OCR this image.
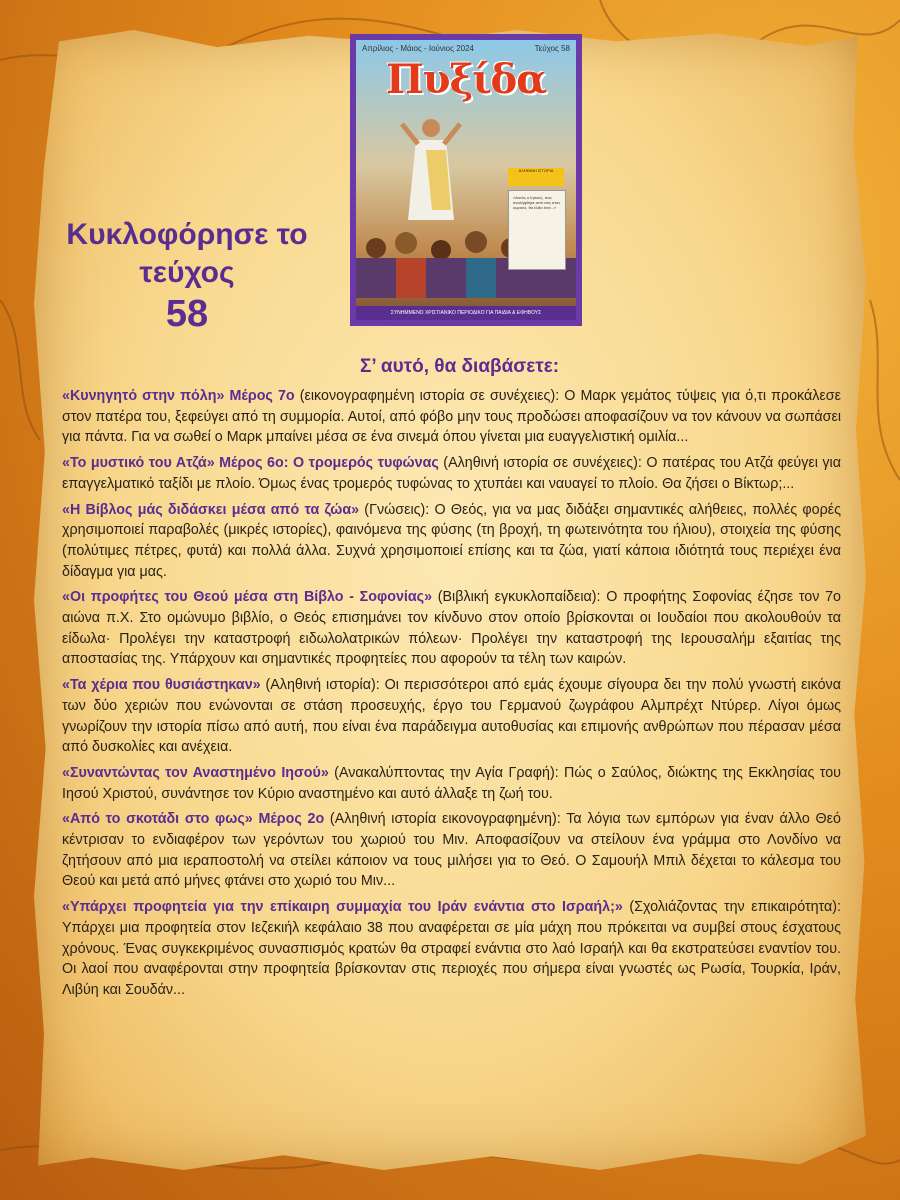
Απρίλιος - Μάιος - Ιούνιος 2024	Τεύχος 58
Πυξίδα
ΑΛΗΘΙΝΗ ΙΣΤΟΡΙΑ
«Αυτός ο Ιησούς, που αναλήφθηκε από σας στον ουρανό, θα έλθει έτσι...»
ΣΥΝΗΜΜΕΝΟ ΧΡΙΣΤΙΑΝΙΚΟ ΠΕΡΙΟΔΙΚΟ ΓΙΑ ΠΑΙΔΙΑ & ΕΦΗΒΟΥΣ
Κυκλοφόρησε το
τεύχος
58
Σ’ αυτό, θα διαβάσετε:

«Κυνηγητό στην πόλη» Μέρος 7ο (εικονογραφημένη ιστορία σε συνέχειες): Ο Μαρκ γεμάτος τύψεις για ό,τι προκάλεσε στον πατέρα του, ξεφεύγει από τη συμμορία. Αυτοί, από φόβο μην τους προδώσει αποφασίζουν να τον κάνουν να σωπάσει για πάντα. Για να σωθεί ο Μαρκ μπαίνει μέσα σε ένα σινεμά όπου γίνεται μια ευαγγελιστική ομιλία...

«Το μυστικό του Ατζά» Μέρος 6ο: Ο τρομερός τυφώνας (Αληθινή ιστορία σε συνέχειες): Ο πατέρας του Ατζά φεύγει για επαγγελματικό ταξίδι με πλοίο. Όμως ένας τρομερός τυφώνας το χτυπάει και ναυαγεί το πλοίο. Θα ζήσει ο Βίκτωρ;...

«Η Βίβλος μάς διδάσκει μέσα από τα ζώα» (Γνώσεις): Ο Θεός, για να μας διδάξει σημαντικές αλήθειες, πολλές φορές χρησιμοποιεί παραβολές (μικρές ιστορίες), φαινόμενα της φύσης (τη βροχή, τη φωτεινότητα του ήλιου), στοιχεία της φύσης (πολύτιμες πέτρες, φυτά) και πολλά άλλα. Συχνά χρησιμοποιεί επίσης και τα ζώα, γιατί κάποια ιδιότητά τους περιέχει ένα δίδαγμα για μας.

«Οι προφήτες του Θεού μέσα στη Βίβλο - Σοφονίας» (Βιβλική εγκυκλοπαίδεια): Ο προφήτης Σοφονίας έζησε τον 7ο αιώνα π.Χ. Στο ομώνυμο βιβλίο, ο Θεός επισημάνει τον κίνδυνο στον οποίο βρίσκονται οι Ιουδαίοι που ακολουθούν τα είδωλα· Προλέγει την καταστροφή ειδωλολατρικών πόλεων· Προλέγει την καταστροφή της Ιερουσαλήμ εξαιτίας της αποστασίας της. Υπάρχουν και σημαντικές προφητείες που αφορούν τα τέλη των καιρών.

«Τα χέρια που θυσιάστηκαν» (Αληθινή ιστορία): Οι περισσότεροι από εμάς έχουμε σίγουρα δει την πολύ γνωστή εικόνα των δύο χεριών που ενώνονται σε στάση προσευχής, έργο του Γερμανού ζωγράφου Αλμπρέχτ Ντύρερ. Λίγοι όμως γνωρίζουν την ιστορία πίσω από αυτή, που είναι ένα παράδειγμα αυτοθυσίας και επιμονής ανθρώπων που πέρασαν μέσα από δυσκολίες και ανέχεια.

«Συναντώντας τον Αναστημένο Ιησού» (Ανακαλύπτοντας την Αγία Γραφή): Πώς ο Σαύλος, διώκτης της Εκκλησίας του Ιησού Χριστού, συνάντησε τον Κύριο αναστημένο και αυτό άλλαξε τη ζωή του.

«Από το σκοτάδι στο φως» Μέρος 2ο (Αληθινή ιστορία εικονογραφημένη): Τα λόγια των εμπόρων για έναν άλλο Θεό κέντρισαν το ενδιαφέρον των γερόντων του χωριού του Μιν. Αποφασίζουν να στείλουν ένα γράμμα στο Λονδίνο να ζητήσουν από μια ιεραποστολή να στείλει κάποιον να τους μιλήσει για το Θεό. Ο Σαμουήλ Μπιλ δέχεται το κάλεσμα του Θεού και μετά από μήνες φτάνει στο χωριό του Μιν...

«Υπάρχει προφητεία για την επίκαιρη συμμαχία του Ιράν ενάντια στο Ισραήλ;» (Σχολιάζοντας την επικαιρότητα): Υπάρχει μια προφητεία στον Ιεζεκιήλ κεφάλαιο 38 που αναφέρεται σε μία μάχη που πρόκειται να συμβεί στους έσχατους χρόνους. Ένας συγκεκριμένος συνασπισμός κρατών θα στραφεί ενάντια στο λαό Ισραήλ και θα εκστρατεύσει εναντίον του. Οι λαοί που αναφέρονται στην προφητεία βρίσκονταν στις περιοχές που σήμερα είναι γνωστές ως Ρωσία, Τουρκία, Ιράν, Λιβύη και Σουδάν...
